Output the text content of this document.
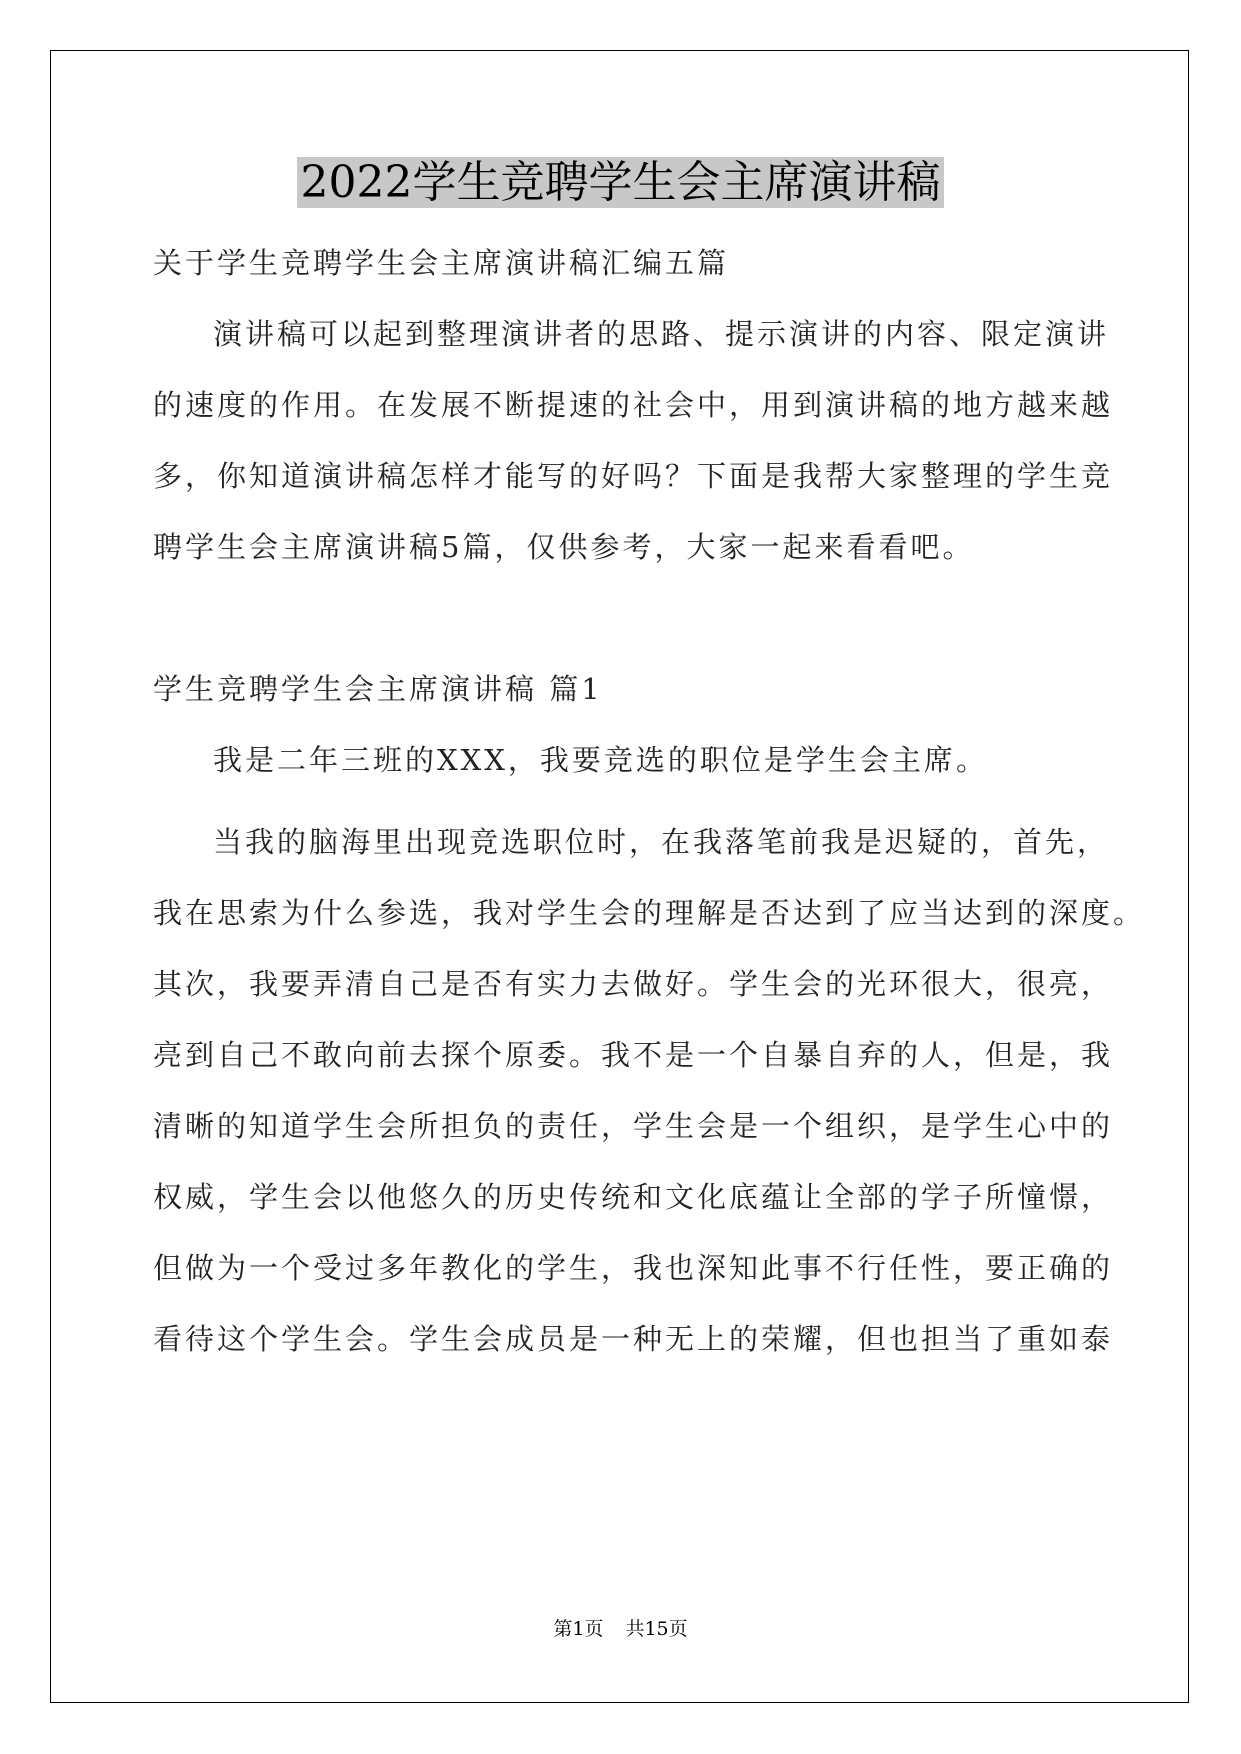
2022学生竞聘学生会主席演讲稿
关于学生竞聘学生会主席演讲稿汇编五篇
演讲稿可以起到整理演讲者的思路、提示演讲的内容、限定演讲
的速度的作用。在发展不断提速的社会中，用到演讲稿的地方越来越
多，你知道演讲稿怎样才能写的好吗？下面是我帮大家整理的学生竞
聘学生会主席演讲稿5篇，仅供参考，大家一起来看看吧。
学生竞聘学生会主席演讲稿 篇1
我是二年三班的XXX，我要竞选的职位是学生会主席。
当我的脑海里出现竞选职位时，在我落笔前我是迟疑的，首先，
我在思索为什么参选，我对学生会的理解是否达到了应当达到的深度。
其次，我要弄清自己是否有实力去做好。学生会的光环很大，很亮，
亮到自己不敢向前去探个原委。我不是一个自暴自弃的人，但是，我
清晰的知道学生会所担负的责任，学生会是一个组织，是学生心中的
权威，学生会以他悠久的历史传统和文化底蕴让全部的学子所憧憬，
但做为一个受过多年教化的学生，我也深知此事不行任性，要正确的
看待这个学生会。学生会成员是一种无上的荣耀，但也担当了重如泰
第1页 共15页
